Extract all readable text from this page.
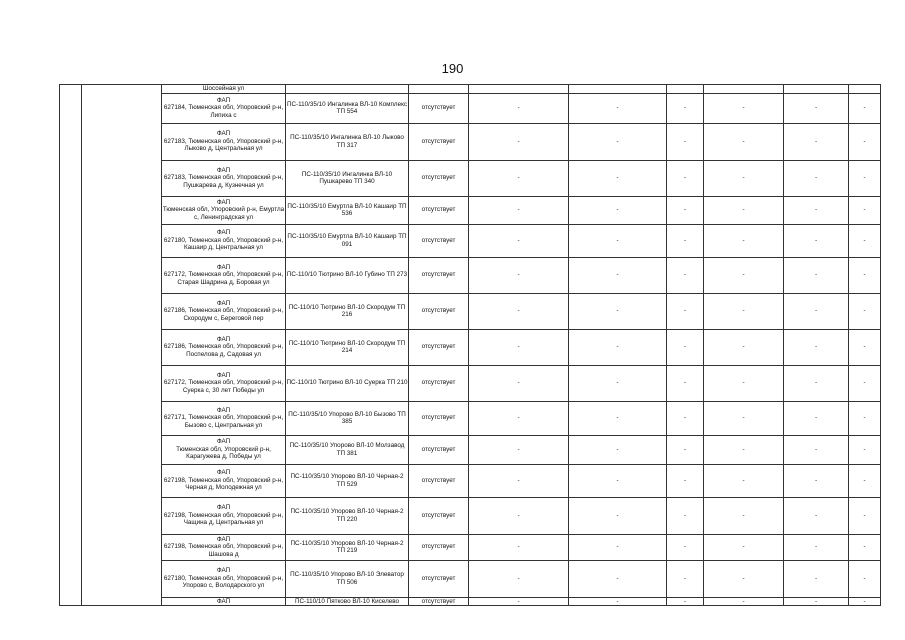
190
		Шоссейная ул								

		ФАП
627184, Тюменская обл, Упоровский р-н, Липиха с	ПС-110/35/10 Ингалинка ВЛ-10 Комплекс ТП 554	отсутствует	-	-	-	-	-	-

		ФАП
627183, Тюменская обл, Упоровский р-н, Лыково д, Центральная ул	ПС-110/35/10 Ингалинка ВЛ-10 Лыково ТП 317	отсутствует	-	-	-	-	-	-

		ФАП
627183, Тюменская обл, Упоровский р-н, Пушкарева д, Кузнечная ул	ПС-110/35/10 Ингалинка ВЛ-10 Пушкарево ТП 340	отсутствует	-	-	-	-	-	-

		ФАП
Тюменская обл, Упоровский р-н, Емуртла с, Ленинградская ул	ПС-110/35/10 Емуртла ВЛ-10 Кашаир ТП 536	отсутствует	-	-	-	-	-	-

		ФАП
627180, Тюменская обл, Упоровский р-н, Кашаир д, Центральная ул	ПС-110/35/10 Емуртла ВЛ-10 Кашаир ТП 091	отсутствует	-	-	-	-	-	-

		ФАП
627172, Тюменская обл, Упоровский р-н, Старая Шадрина д, Боровая ул	ПС-110/10 Тютрино ВЛ-10 Губино ТП 273	отсутствует	-	-	-	-	-	-

		ФАП
627186, Тюменская обл, Упоровский р-н, Скородум с, Береговой пер	ПС-110/10 Тютрино ВЛ-10 Скородум ТП 216	отсутствует	-	-	-	-	-	-

		ФАП
627186, Тюменская обл, Упоровский р-н, Поспелова д, Садовая ул	ПС-110/10 Тютрино ВЛ-10 Скородум ТП 214	отсутствует	-	-	-	-	-	-

		ФАП
627172, Тюменская обл, Упоровский р-н, Суерка с, 30 лет Победы ул	ПС-110/10 Тютрино ВЛ-10 Суерка ТП 210	отсутствует	-	-	-	-	-	-

		ФАП
627171, Тюменская обл, Упоровский р-н, Бызово с, Центральная ул	ПС-110/35/10 Упорово ВЛ-10 Бызово ТП 385	отсутствует	-	-	-	-	-	-

		ФАП
Тюменская обл, Упоровский р-н, Карагужева д, Победы ул	ПС-110/35/10 Упорово ВЛ-10 Молзавод ТП 381	отсутствует	-	-	-	-	-	-

		ФАП
627198, Тюменская обл, Упоровский р-н, Черная д, Молодежная ул	ПС-110/35/10 Упорово ВЛ-10 Черная-2 ТП 529	отсутствует	-	-	-	-	-	-

		ФАП
627198, Тюменская обл, Упоровский р-н, Чащина д, Центральная ул	ПС-110/35/10 Упорово ВЛ-10 Черная-2 ТП 220	отсутствует	-	-	-	-	-	-

		ФАП
627198, Тюменская обл, Упоровский р-н, Шашова д	ПС-110/35/10 Упорово ВЛ-10 Черная-2 ТП 219	отсутствует	-	-	-	-	-	-

		ФАП
627180, Тюменская обл, Упоровский р-н, Упорово с, Володарского ул	ПС-110/35/10 Упорово ВЛ-10 Элеватор ТП 506	отсутствует	-	-	-	-	-	-
		ФАП	ПС-110/10 Пятково ВЛ-10 Киселево	отсутствует	-	-	-	-	-	-
